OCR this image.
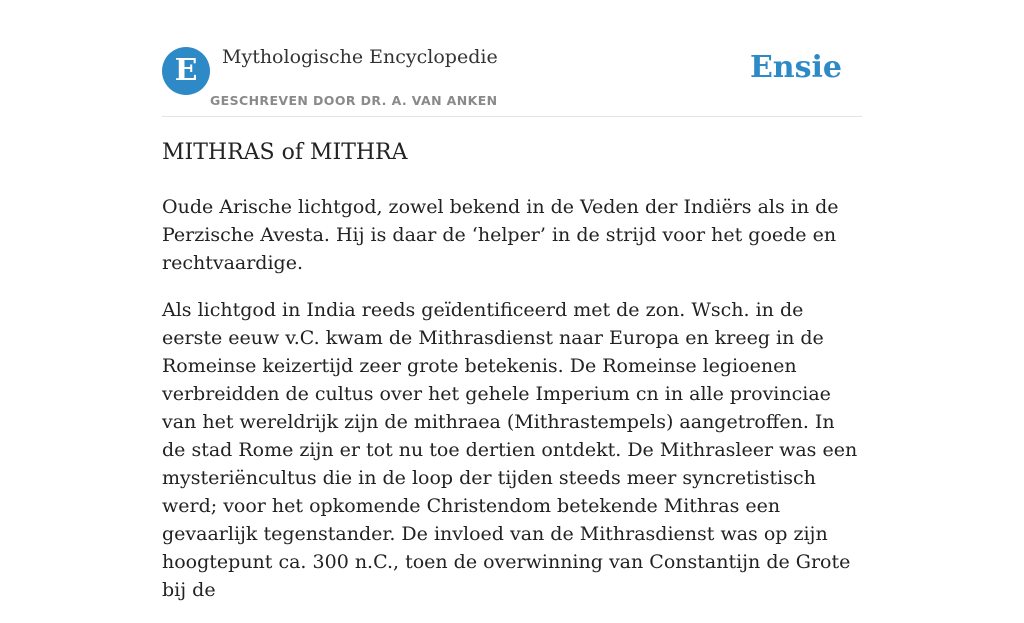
E	Mythologische Encyclopedie
GESCHREVEN DOOR DR. A. VAN ANKEN
Ensie
MITHRAS of MITHRA

Oude Arische lichtgod, zowel bekend in de Veden der Indiërs als in de Perzische Avesta. Hij is daar de ‘helper’ in de strijd voor het goede en rechtvaardige.

Als lichtgod in India reeds geïdentificeerd met de zon. Wsch. in de eerste eeuw v.C. kwam de Mithrasdienst naar Europa en kreeg in de Romeinse keizertijd zeer grote betekenis. De Romeinse legioenen verbreidden de cultus over het gehele Imperium cn in alle provinciae van het wereldrijk zijn de mithraea (Mithrastempels) aangetroffen. In de stad Rome zijn er tot nu toe dertien ontdekt. De Mithrasleer was een mysteriëncultus die in de loop der tijden steeds meer syncretistisch werd; voor het opkomende Christendom betekende Mithras een gevaarlijk tegenstander. De invloed van de Mithrasdienst was op zijn hoogtepunt ca. 300 n.C., toen de overwinning van Constantijn de Grote bij de
